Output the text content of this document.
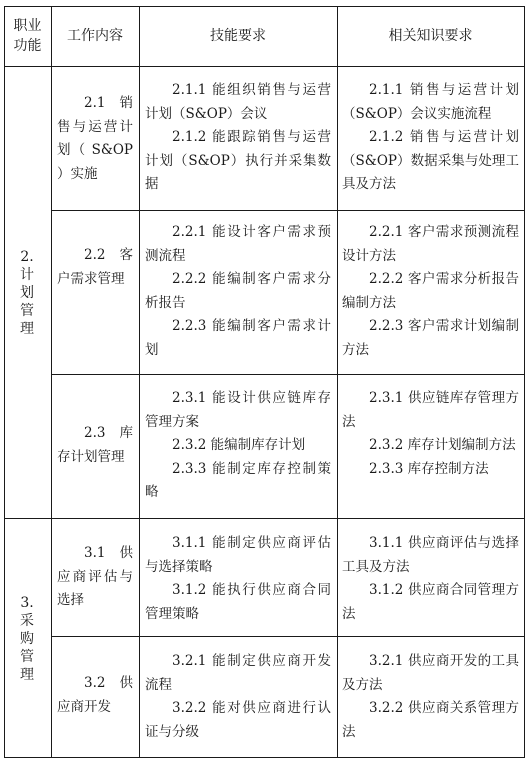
职业
功能
工作内容	技能要求	相关知识要求
2.
计
划
管
理
3.
采
购
管
理

2.1 销售与运营计划（ S&OP ）实施

2.1.1 能组织销售与运营计划（S&OP）会议

2.1.2 能跟踪销售与运营计划（S&OP）执行并采集数据

2.1.1 销售与运营计划（S&OP）会议实施流程

2.1.2 销售与运营计划（S&OP）数据采集与处理工具及方法

2.2 客户需求管理

2.2.1 能设计客户需求预测流程

2.2.2 能编制客户需求分析报告

2.2.3 能编制客户需求计划

2.2.1 客户需求预测流程设计方法

2.2.2 客户需求分析报告编制方法

2.2.3 客户需求计划编制方法

2.3 库存计划管理

2.3.1 能设计供应链库存管理方案

2.3.2 能编制库存计划

2.3.3 能制定库存控制策略

2.3.1 供应链库存管理方法

2.3.2 库存计划编制方法

2.3.3 库存控制方法

3.1 供应商评估与选择

3.1.1 能制定供应商评估与选择策略

3.1.2 能执行供应商合同管理策略

3.1.1 供应商评估与选择工具及方法

3.1.2 供应商合同管理方法

3.2 供应商开发

3.2.1 能制定供应商开发流程

3.2.2 能对供应商进行认证与分级

3.2.1 供应商开发的工具及方法

3.2.2 供应商关系管理方法
